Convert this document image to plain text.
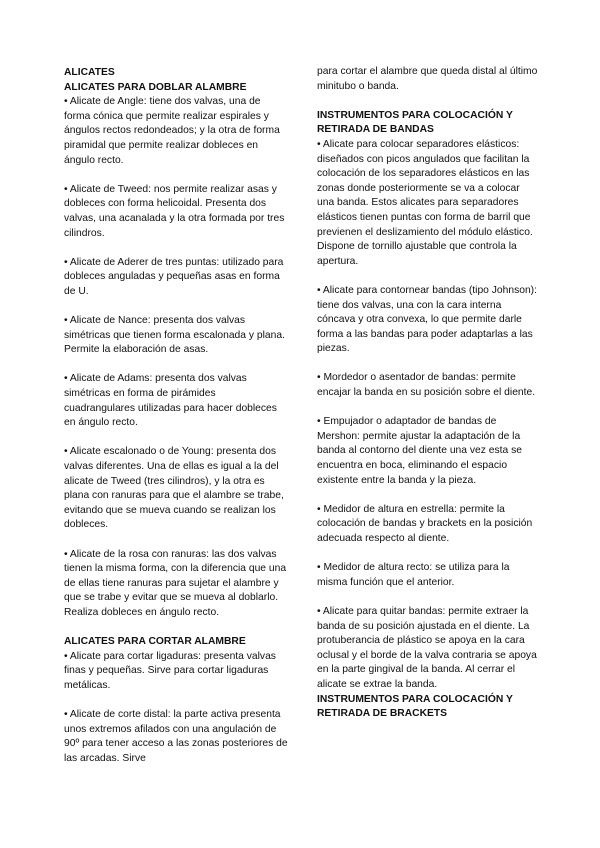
ALICATES
ALICATES PARA DOBLAR ALAMBRE

• Alicate de Angle: tiene dos valvas, una de forma cónica que permite realizar espirales y ángulos rectos redondeados; y la otra de forma piramidal que permite realizar dobleces en ángulo recto.

• Alicate de Tweed: nos permite realizar asas y dobleces con forma helicoidal. Presenta dos valvas, una acanalada y la otra formada por tres cilindros.

• Alicate de Aderer de tres puntas: utilizado para dobleces anguladas y pequeñas asas en forma de U.

• Alicate de Nance: presenta dos valvas simétricas que tienen forma escalonada y plana. Permite la elaboración de asas.

• Alicate de Adams: presenta dos valvas simétricas en forma de pirámides cuadrangulares utilizadas para hacer dobleces en ángulo recto.

• Alicate escalonado o de Young: presenta dos valvas diferentes. Una de ellas es igual a la del alicate de Tweed (tres cilindros), y la otra es plana con ranuras para que el alambre se trabe, evitando que se mueva cuando se realizan los dobleces.

• Alicate de la rosa con ranuras: las dos valvas tienen la misma forma, con la diferencia que una de ellas tiene ranuras para sujetar el alambre y que se trabe y evitar que se mueva al doblarlo. Realiza dobleces en ángulo recto.

ALICATES PARA CORTAR ALAMBRE

• Alicate para cortar ligaduras: presenta valvas finas y pequeñas. Sirve para cortar ligaduras metálicas.

• Alicate de corte distal: la parte activa presenta unos extremos afilados con una angulación de 90º para tener acceso a las zonas posteriores de las arcadas. Sirve

para cortar el alambre que queda distal al último minitubo o banda.

INSTRUMENTOS PARA COLOCACIÓN Y RETIRADA DE BANDAS

• Alicate para colocar separadores elásticos: diseñados con picos angulados que facilitan la colocación de los separadores elásticos en las zonas donde posteriormente se va a colocar una banda. Estos alicates para separadores elásticos tienen puntas con forma de barril que previenen el deslizamiento del módulo elástico.

Dispone de tornillo ajustable que controla la apertura.

• Alicate para contornear bandas (tipo Johnson): tiene dos valvas, una con la cara interna cóncava y otra convexa, lo que permite darle forma a las bandas para poder adaptarlas a las piezas.

• Mordedor o asentador de bandas: permite encajar la banda en su posición sobre el diente.

• Empujador o adaptador de bandas de Mershon: permite ajustar la adaptación de la banda al contorno del diente una vez esta se encuentra en boca, eliminando el espacio existente entre la banda y la pieza.

• Medidor de altura en estrella: permite la colocación de bandas y brackets en la posición adecuada respecto al diente.

• Medidor de altura recto: se utiliza para la misma función que el anterior.

• Alicate para quitar bandas: permite extraer la banda de su posición ajustada en el diente. La protuberancia de plástico se apoya en la cara oclusal y el borde de la valva contraria se apoya en la parte gingival de la banda. Al cerrar el alicate se extrae la banda.

INSTRUMENTOS PARA COLOCACIÓN Y RETIRADA DE BRACKETS
